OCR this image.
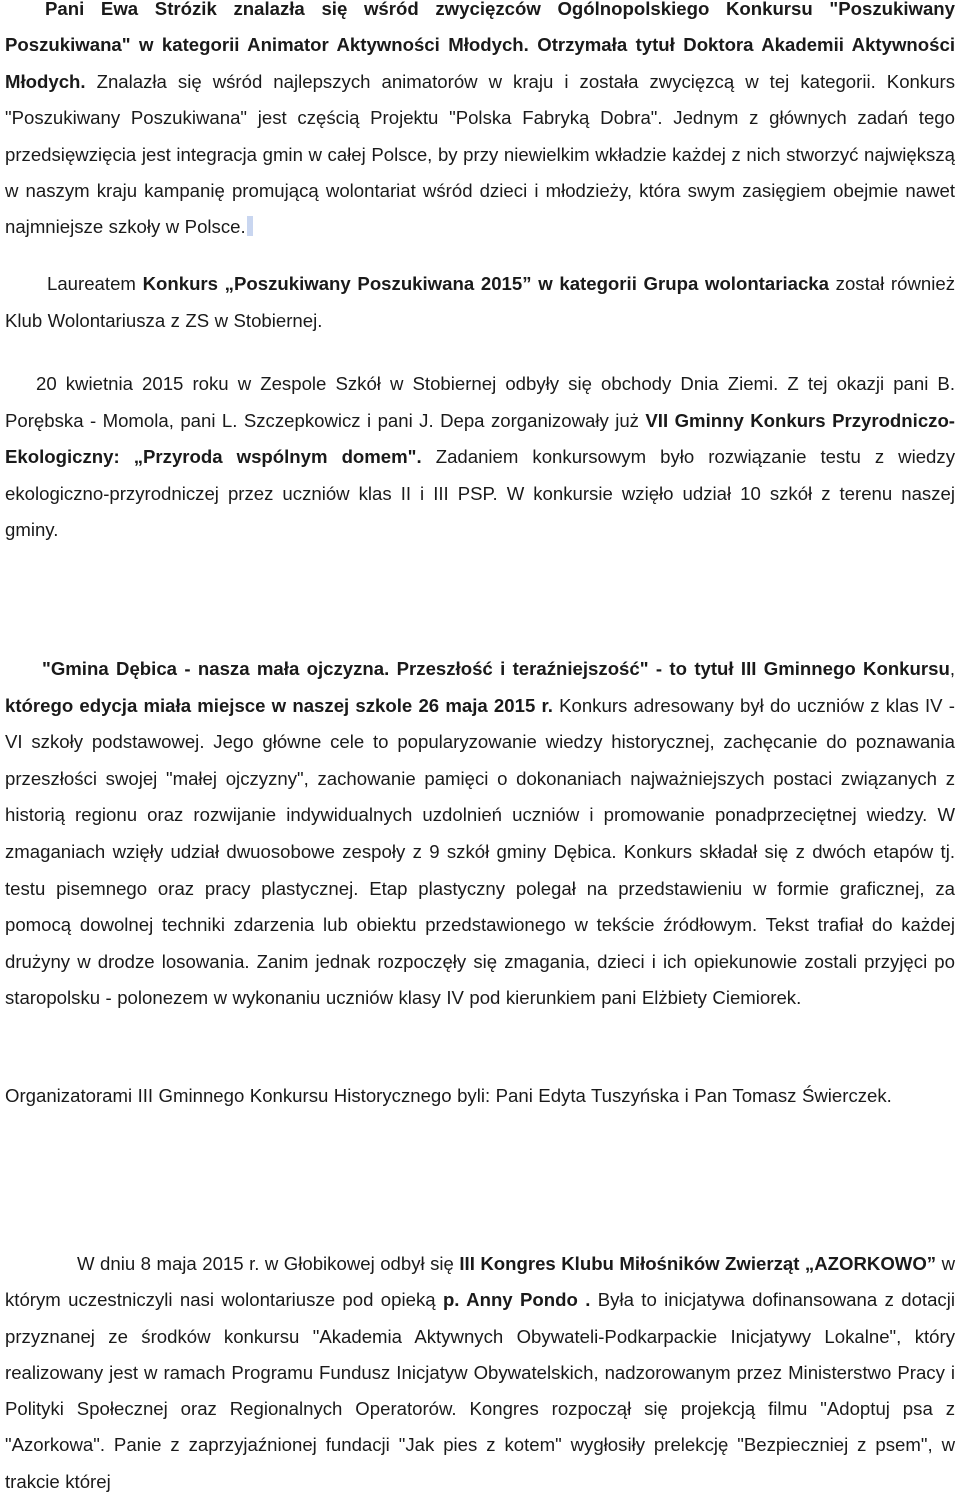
Pani Ewa Strózik znalazła się wśród zwycięzców Ogólnopolskiego Konkursu "Poszukiwany Poszukiwana" w kategorii Animator Aktywności Młodych. Otrzymała tytuł Doktora Akademii Aktywności Młodych. Znalazła się wśród najlepszych animatorów w kraju i została zwycięzcą w tej kategorii. Konkurs "Poszukiwany Poszukiwana" jest częścią Projektu "Polska Fabryką Dobra". Jednym z głównych zadań tego przedsięwzięcia jest integracja gmin w całej Polsce, by przy niewielkim wkładzie każdej z nich stworzyć największą w naszym kraju kampanię promującą wolontariat wśród dzieci i młodzieży, która swym zasięgiem obejmie nawet najmniejsze szkoły w Polsce.

Laureatem Konkurs „Poszukiwany Poszukiwana 2015” w kategorii Grupa wolontariacka został również Klub Wolontariusza z ZS w Stobiernej.

20 kwietnia 2015 roku w Zespole Szkół w Stobiernej odbyły się obchody Dnia Ziemi. Z tej okazji pani B. Porębska - Momola, pani L. Szczepkowicz i pani J. Depa zorganizowały już VII Gminny Konkurs Przyrodniczo-Ekologiczny: „Przyroda wspólnym domem". Zadaniem konkursowym było rozwiązanie testu z wiedzy ekologiczno-przyrodniczej przez uczniów klas II i III PSP. W konkursie wzięło udział 10 szkół z terenu naszej gminy.

"Gmina Dębica - nasza mała ojczyzna. Przeszłość i teraźniejszość" - to tytuł III Gminnego Konkursu, którego edycja miała miejsce w naszej szkole 26 maja 2015 r. Konkurs adresowany był do uczniów z klas IV - VI szkoły podstawowej. Jego główne cele to popularyzowanie wiedzy historycznej, zachęcanie do poznawania przeszłości swojej "małej ojczyzny", zachowanie pamięci o dokonaniach najważniejszych postaci związanych z historią regionu oraz rozwijanie indywidualnych uzdolnień uczniów i promowanie ponadprzeciętnej wiedzy. W zmaganiach wzięły udział dwuosobowe zespoły z 9 szkół gminy Dębica. Konkurs składał się z dwóch etapów tj. testu pisemnego oraz pracy plastycznej. Etap plastyczny polegał na przedstawieniu w formie graficznej, za pomocą dowolnej techniki zdarzenia lub obiektu przedstawionego w tekście źródłowym. Tekst trafiał do każdej drużyny w drodze losowania. Zanim jednak rozpoczęły się zmagania, dzieci i ich opiekunowie zostali przyjęci po staropolsku - polonezem w wykonaniu uczniów klasy IV pod kierunkiem pani Elżbiety Ciemiorek.

Organizatorami III Gminnego Konkursu Historycznego byli: Pani Edyta Tuszyńska i Pan Tomasz Świerczek.

W dniu 8 maja 2015 r. w Głobikowej odbył się III Kongres Klubu Miłośników Zwierząt „AZORKOWO” w którym uczestniczyli nasi wolontariusze pod opieką p. Anny Pondo . Była to inicjatywa dofinansowana z dotacji przyznanej ze środków konkursu "Akademia Aktywnych Obywateli-Podkarpackie Inicjatywy Lokalne", który realizowany jest w ramach Programu Fundusz Inicjatyw Obywatelskich, nadzorowanym przez Ministerstwo Pracy i Polityki Społecznej oraz Regionalnych Operatorów. Kongres rozpoczął się projekcją filmu "Adoptuj psa z "Azorkowa". Panie z zaprzyjaźnionej fundacji "Jak pies z kotem" wygłosiły prelekcję "Bezpieczniej z psem", w trakcie której
